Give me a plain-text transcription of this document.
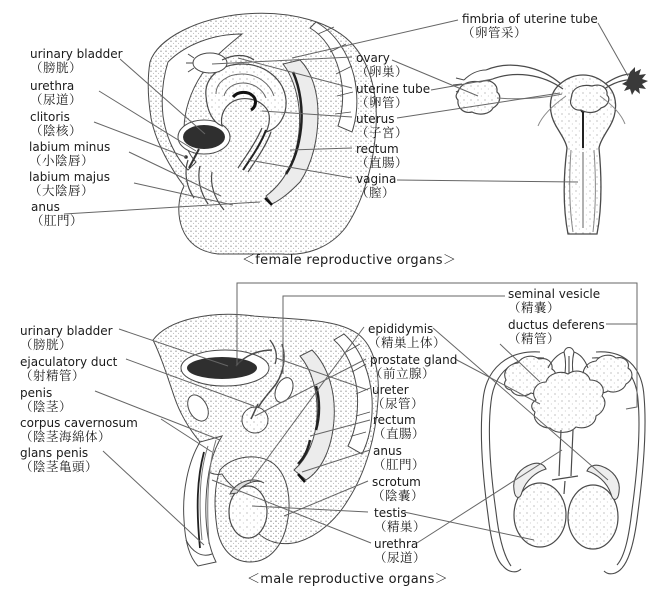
urinary bladder
（膀胱）
urethra
（尿道）
clitoris
（陰核）
labium minus
（小陰唇）
labium majus
（大陰唇）
anus
（肛門）
fimbria of uterine tube
（卵管采）
ovary
（卵巣）
uterine tube
（卵管）
uterus
（子宮）
rectum
（直腸）
vagina
（膣）
＜female reproductive organs＞
urinary bladder
（膀胱）
ejaculatory duct
（射精管）
penis
（陰茎）
corpus cavernosum
（陰茎海綿体）
glans penis
（陰茎亀頭）
epididymis
（精巣上体）
prostate gland
（前立腺）
ureter
（尿管）
rectum
（直腸）
anus
（肛門）
scrotum
（陰嚢）
testis
（精巣）
urethra
（尿道）
seminal vesicle
（精嚢）
ductus deferens
（精管）
＜male reproductive organs＞
